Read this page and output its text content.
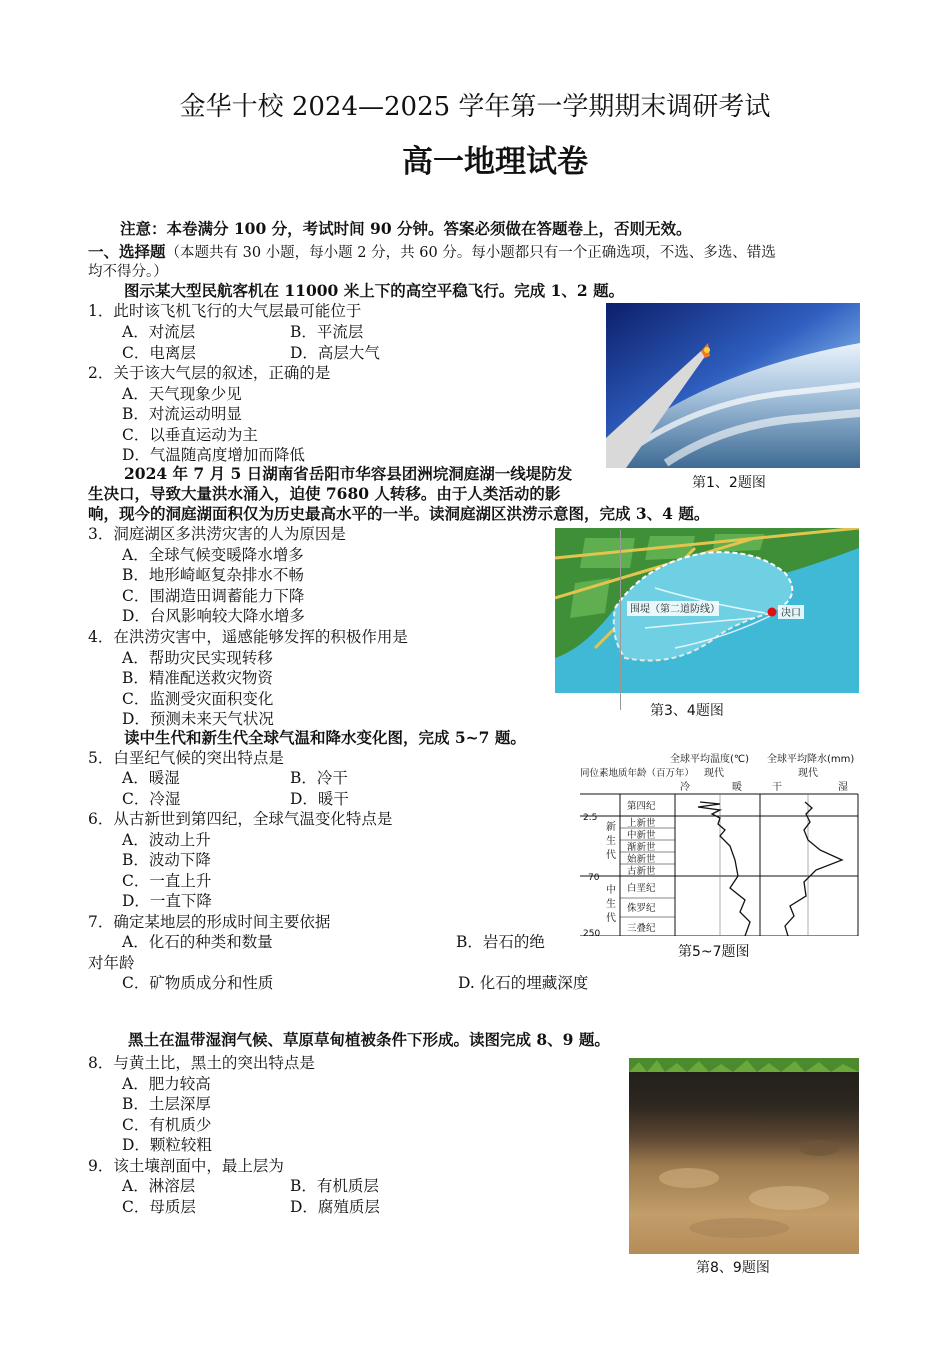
金华十校 2024—2025 学年第一学期期末调研考试
高一地理试卷
注意：本卷满分 100 分，考试时间 90 分钟。答案必须做在答题卷上，否则无效。
一、选择题（本题共有 30 小题，每小题 2 分，共 60 分。每小题都只有一个正确选项，不选、多选、错选
均不得分。）
图示某大型民航客机在 11000 米上下的高空平稳飞行。完成 1、2 题。
1．此时该飞机飞行的大气层最可能位于
A．对流层	B．平流层
C．电离层	D．高层大气
2．关于该大气层的叙述，正确的是
A．天气现象少见
B．对流运动明显
C．以垂直运动为主
D．气温随高度增加而降低
第1、2题图
2024 年 7 月 5 日湖南省岳阳市华容县团洲垸洞庭湖一线堤防发
生决口，导致大量洪水涌入，迫使 7680 人转移。由于人类活动的影
响，现今的洞庭湖面积仅为历史最高水平的一半。读洞庭湖区洪涝示意图，完成 3、4 题。
3．洞庭湖区多洪涝灾害的人为原因是
A．全球气候变暖降水增多
B．地形崎岖复杂排水不畅
C．围湖造田调蓄能力下降
D．台风影响较大降水增多
4．在洪涝灾害中，遥感能够发挥的积极作用是
A．帮助灾民实现转移
B．精准配送救灾物资
C．监测受灾面积变化
D．预测未来天气状况
围堤（第二道防线）	决口
第3、4题图
读中生代和新生代全球气温和降水变化图，完成 5~7 题。
5．白垩纪气候的突出特点是
A．暖湿	B．冷干
C．冷湿	D．暖干
6．从古新世到第四纪，全球气温变化特点是
A．波动上升
B．波动下降
C．一直上升
D．一直下降
7．确定某地层的形成时间主要依据
A．化石的种类和数量	B．岩石的绝
对年龄
C．矿物质成分和性质	D. 化石的埋藏深度
全球平均温度(℃) 全球平均降水(mm)
同位素地质年龄（百万年） 现代	现代
冷	暖	干	湿
2.5
70
250
新
生
代
中
生
代
第四纪
上新世
中新世
渐新世
始新世
古新世
白垩纪
侏罗纪
三叠纪
第5~7题图
黑土在温带湿润气候、草原草甸植被条件下形成。读图完成 8、9 题。
8．与黄土比，黑土的突出特点是
A．肥力较高
B．土层深厚
C．有机质少
D．颗粒较粗
9．该土壤剖面中，最上层为
A．淋溶层	B．有机质层
C．母质层	D．腐殖质层
第8、9题图
